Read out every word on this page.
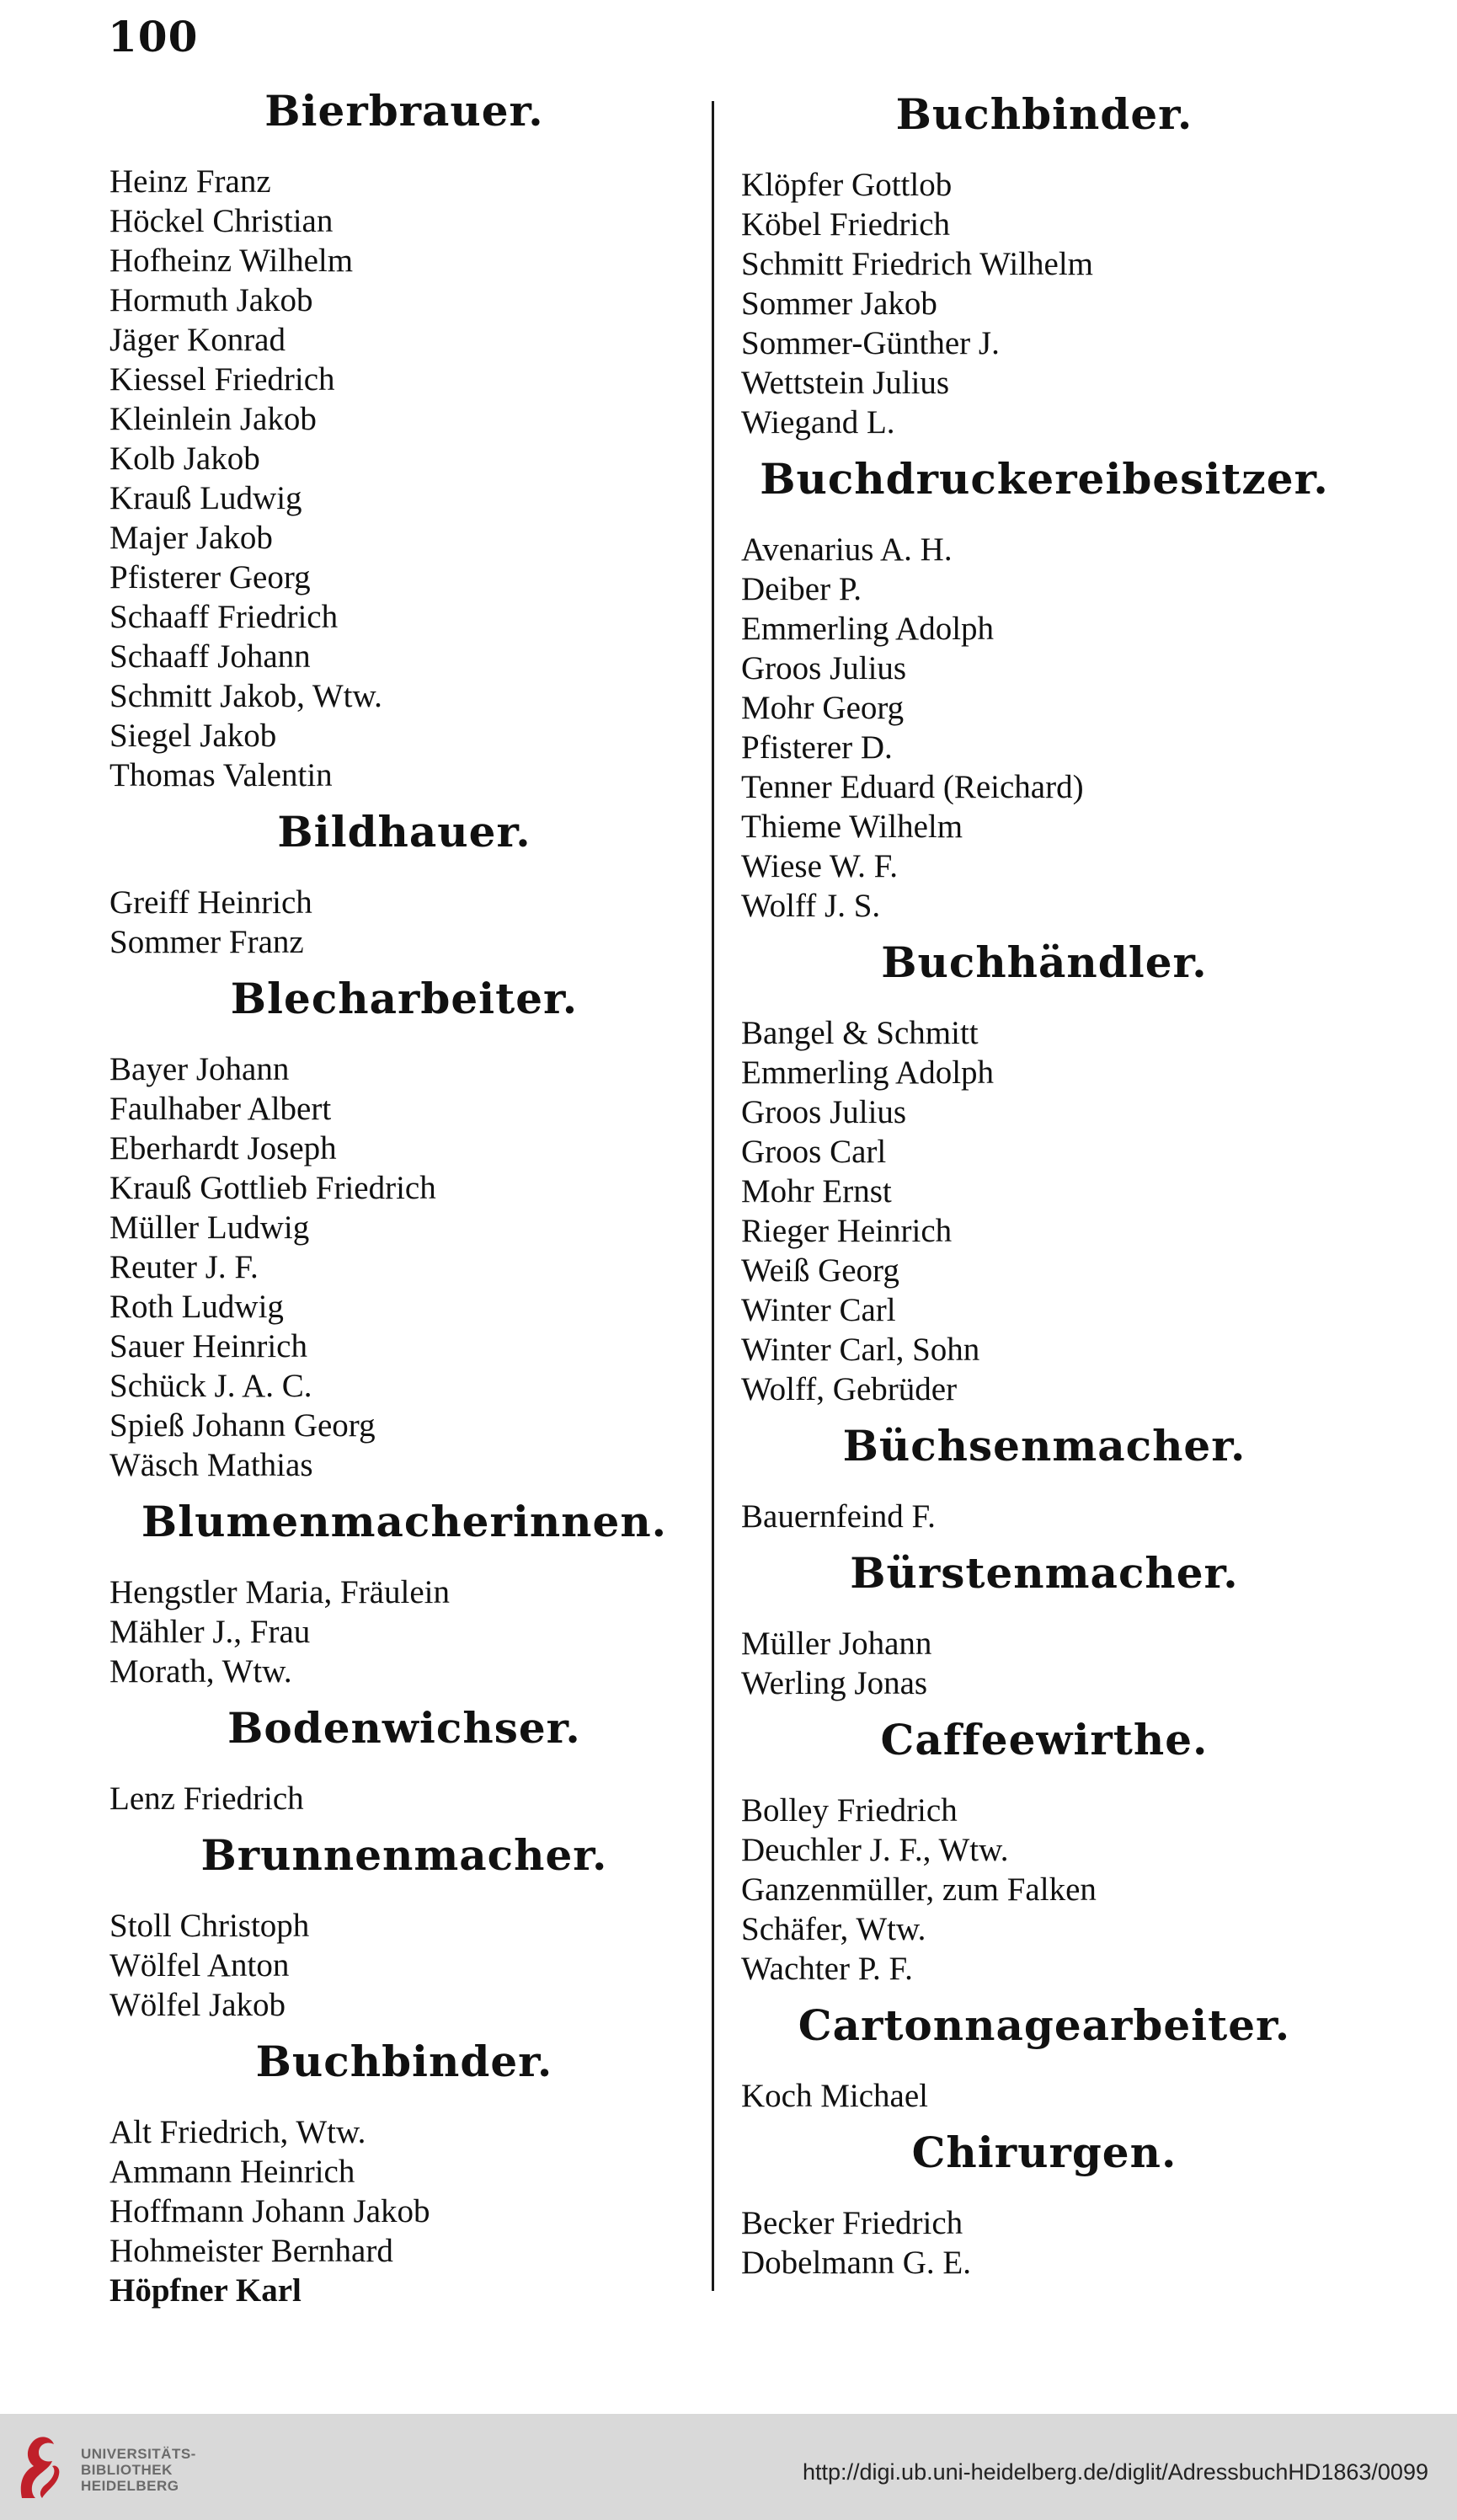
100
Bierbrauer.
Heinz Franz
Höckel Christian
Hofheinz Wilhelm
Hormuth Jakob
Jäger Konrad
Kiessel Friedrich
Kleinlein Jakob
Kolb Jakob
Krauß Ludwig
Majer Jakob
Pfisterer Georg
Schaaff Friedrich
Schaaff Johann
Schmitt Jakob, Wtw.
Siegel Jakob
Thomas Valentin
Bildhauer.
Greiff Heinrich
Sommer Franz
Blecharbeiter.
Bayer Johann
Faulhaber Albert
Eberhardt Joseph
Krauß Gottlieb Friedrich
Müller Ludwig
Reuter J. F.
Roth Ludwig
Sauer Heinrich
Schück J. A. C.
Spieß Johann Georg
Wäsch Mathias
Blumenmacherinnen.
Hengstler Maria, Fräulein
Mähler J., Frau
Morath, Wtw.
Bodenwichser.
Lenz Friedrich
Brunnenmacher.
Stoll Christoph
Wölfel Anton
Wölfel Jakob
Buchbinder.
Alt Friedrich, Wtw.
Ammann Heinrich
Hoffmann Johann Jakob
Hohmeister Bernhard
Höpfner Karl
Buchbinder.
Klöpfer Gottlob
Köbel Friedrich
Schmitt Friedrich Wilhelm
Sommer Jakob
Sommer-Günther J.
Wettstein Julius
Wiegand L.
Buchdruckereibesitzer.
Avenarius A. H.
Deiber P.
Emmerling Adolph
Groos Julius
Mohr Georg
Pfisterer D.
Tenner Eduard (Reichard)
Thieme Wilhelm
Wiese W. F.
Wolff J. S.
Buchhändler.
Bangel & Schmitt
Emmerling Adolph
Groos Julius
Groos Carl
Mohr Ernst
Rieger Heinrich
Weiß Georg
Winter Carl
Winter Carl, Sohn
Wolff, Gebrüder
Büchsenmacher.
Bauernfeind F.
Bürstenmacher.
Müller Johann
Werling Jonas
Caffeewirthe.
Bolley Friedrich
Deuchler J. F., Wtw.
Ganzenmüller, zum Falken
Schäfer, Wtw.
Wachter P. F.
Cartonnagearbeiter.
Koch Michael
Chirurgen.
Becker Friedrich
Dobelmann G. E.
UNIVERSITÄTS-
BIBLIOTHEK
HEIDELBERG
http://digi.ub.uni-heidelberg.de/diglit/AdressbuchHD1863/0099
